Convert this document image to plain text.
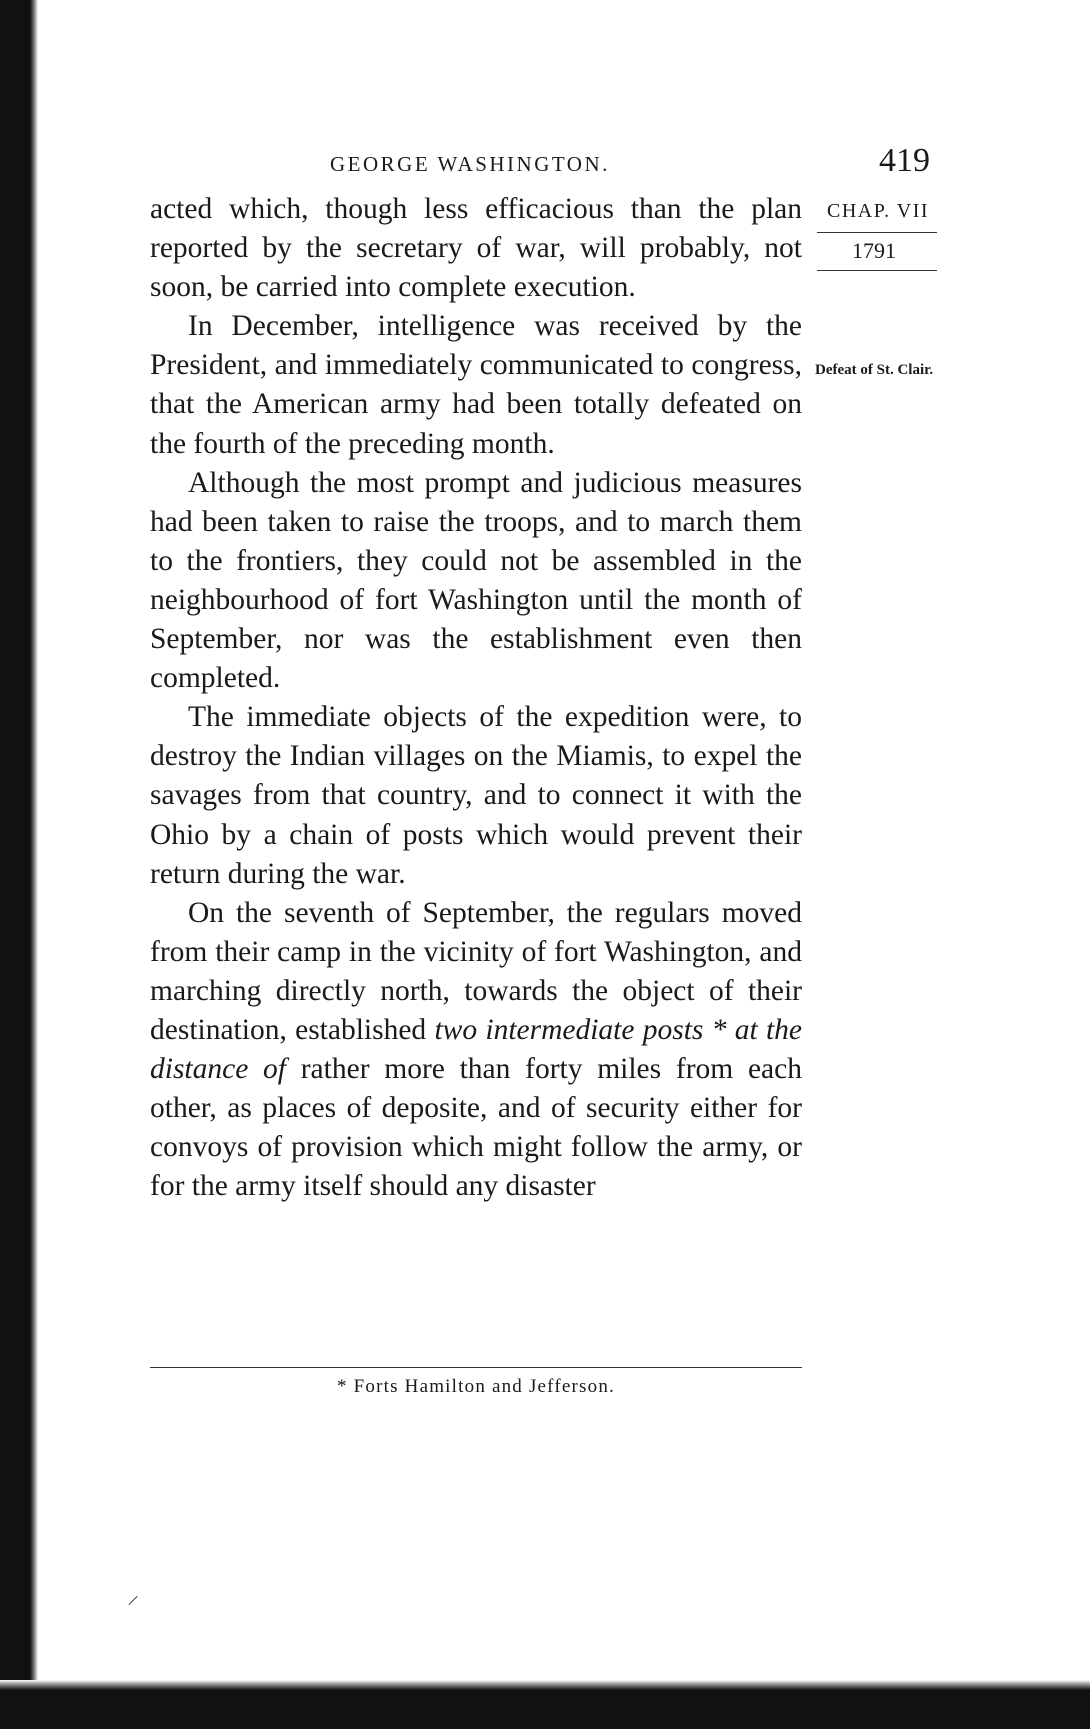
GEORGE WASHINGTON.	419
CHAP. VII
1791
Defeat of St. Clair.

acted which, though less efficacious than the plan reported by the secretary of war, will probably, not soon, be carried into complete execution.

In December, intelligence was received by the President, and immediately communicated to congress, that the American army had been totally defeated on the fourth of the preceding month.

Although the most prompt and judicious measures had been taken to raise the troops, and to march them to the frontiers, they could not be assembled in the neighbourhood of fort Washington until the month of September, nor was the establishment even then completed.

The immediate objects of the expedition were, to destroy the Indian villages on the Miamis, to expel the savages from that country, and to connect it with the Ohio by a chain of posts which would prevent their return during the war.

On the seventh of September, the regulars moved from their camp in the vicinity of fort Washington, and marching directly north, towards the object of their destination, established two intermediate posts * at the distance of rather more than forty miles from each other, as places of deposite, and of security either for convoys of provision which might follow the army, or for the army itself should any disaster

* Forts Hamilton and Jefferson.
